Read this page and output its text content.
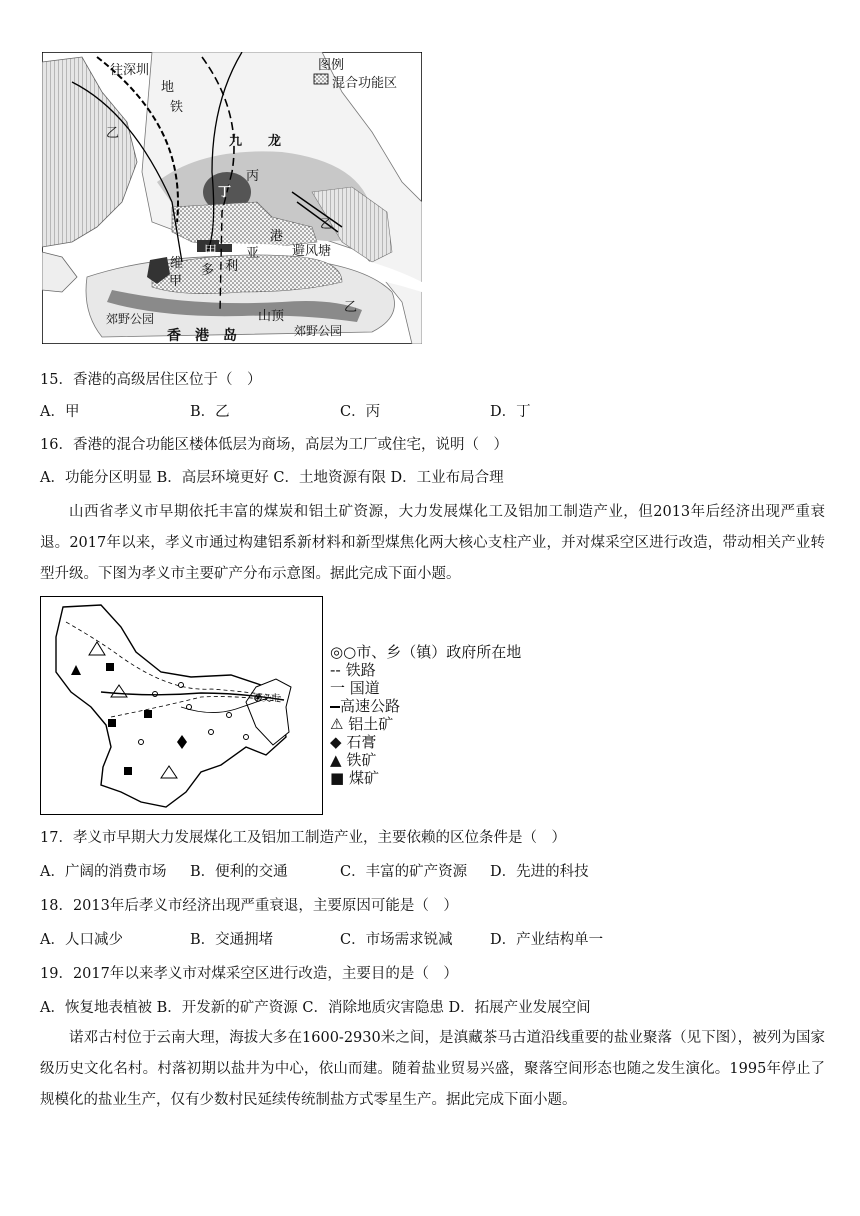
图例
混合功能区
往深圳
地
铁
乙
九 龙
丙
丁
乙
港
避风塘
甲 亚
维 多 利
甲
乙
郊野公园	山顶
香　港　岛	郊野公园
15．香港的高级居住区位于（　）
A．甲	B．乙	C．丙	D．丁
16．香港的混合功能区楼体低层为商场，高层为工厂或住宅，说明（　）
A．功能分区明显 B．高层环境更好 C．土地资源有限 D．工业布局合理
山西省孝义市早期依托丰富的煤炭和铝土矿资源，大力发展煤化工及铝加工制造产业，但2013年后经济出现严重衰退。2017年以来，孝义市通过构建铝系新材料和新型煤焦化两大核心支柱产业，并对煤采空区进行改造，带动相关产业转型升级。下图为孝义市主要矿产分布示意图。据此完成下面小题。
孝义市
◎○市、乡（镇）政府所在地
-- 铁路
一 国道
高速公路
⚠ 铝土矿
◆ 石膏
▲ 铁矿
■ 煤矿
17．孝义市早期大力发展煤化工及铝加工制造产业，主要依赖的区位条件是（　）
A．广阔的消费市场 B．便利的交通	C．丰富的矿产资源 D．先进的科技
18．2013年后孝义市经济出现严重衰退，主要原因可能是（　）
A．人口减少	B．交通拥堵	C．市场需求锐减	D．产业结构单一
19．2017年以来孝义市对煤采空区进行改造，主要目的是（　）
A．恢复地表植被 B．开发新的矿产资源 C．消除地质灾害隐患 D．拓展产业发展空间
诺邓古村位于云南大理，海拔大多在1600-2930米之间，是滇藏茶马古道沿线重要的盐业聚落（见下图），被列为国家级历史文化名村。村落初期以盐井为中心，依山而建。随着盐业贸易兴盛，聚落空间形态也随之发生演化。1995年停止了规模化的盐业生产，仅有少数村民延续传统制盐方式零星生产。据此完成下面小题。
